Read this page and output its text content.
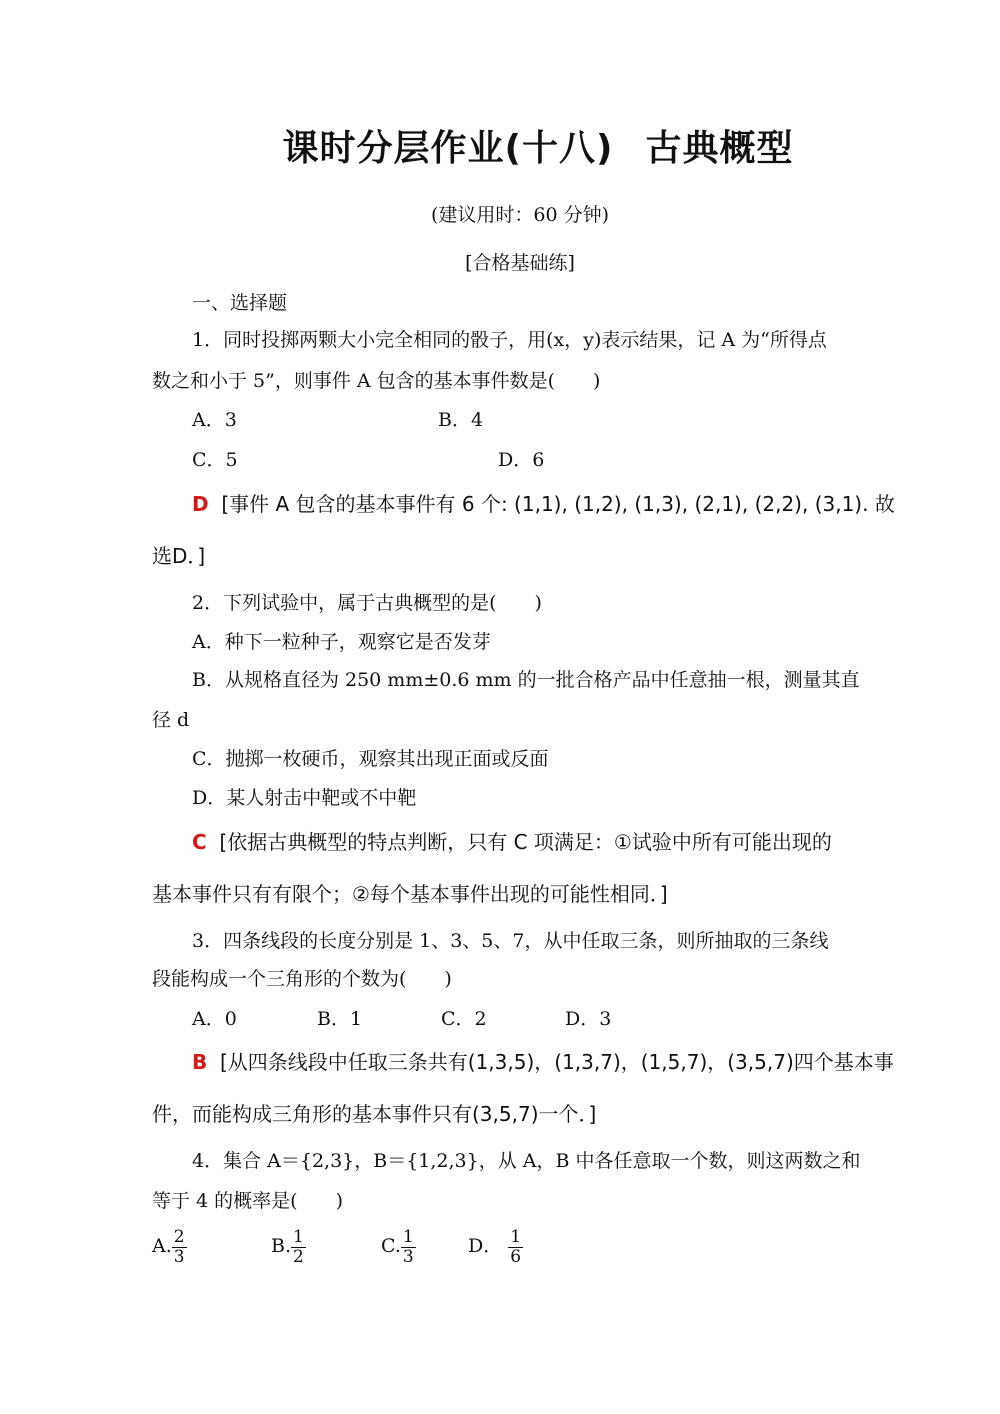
课时分层作业(十八) 古典概型
(建议用时：60 分钟)
[合格基础练]
一、选择题
1．同时投掷两颗大小完全相同的骰子，用(x，y)表示结果，记 A 为“所得点
数之和小于 5”，则事件 A 包含的基本事件数是(　　)
A．3	B．4
C．5	D．6
D [事件 A 包含的基本事件有 6 个: (1,1), (1,2), (1,3), (2,1), (2,2), (3,1). 故
选D．]
2．下列试验中，属于古典概型的是(　　)
A．种下一粒种子，观察它是否发芽
B．从规格直径为 250 mm±0.6 mm 的一批合格产品中任意抽一根，测量其直
径 d
C．抛掷一枚硬币，观察其出现正面或反面
D．某人射击中靶或不中靶
C [依据古典概型的特点判断，只有 C 项满足：①试验中所有可能出现的
基本事件只有有限个；②每个基本事件出现的可能性相同．]
3．四条线段的长度分别是 1、3、5、7，从中任取三条，则所抽取的三条线
段能构成一个三角形的个数为(　　)
A．0	B．1	C．2	D．3
B [从四条线段中任取三条共有(1,3,5)，(1,3,7)，(1,5,7)，(3,5,7)四个基本事
件，而能构成三角形的基本事件只有(3,5,7)一个．]
4．集合 A＝{2,3}，B＝{1,2,3}，从 A，B 中各任意取一个数，则这两数之和
等于 4 的概率是(　　)
A. $\frac{2}{3}$	B. $\frac{1}{2}$	C. $\frac{1}{3}$	D． $\frac{1}{6}$
